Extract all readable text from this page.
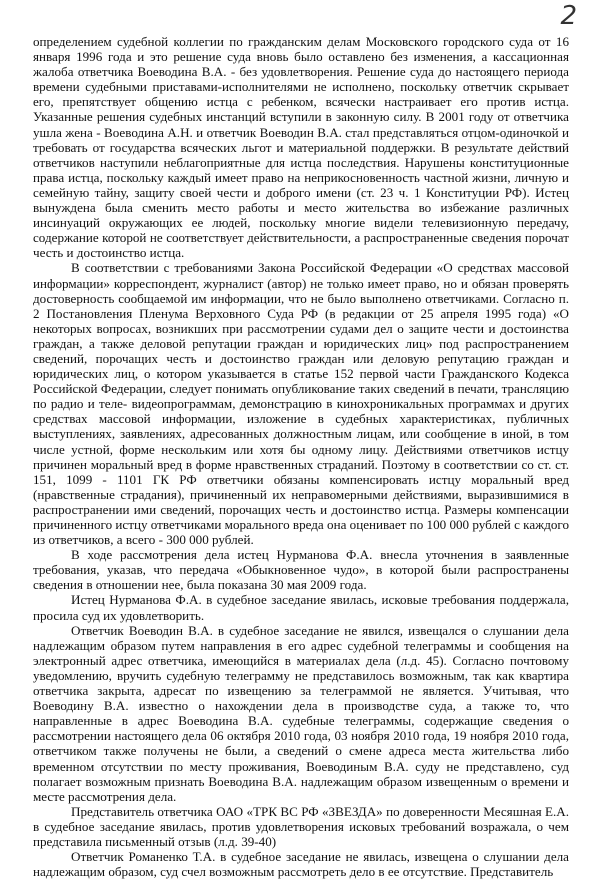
2

определением судебной коллегии по гражданским делам Московского городского суда от 16 января 1996 года и это решение суда вновь было оставлено без изменения, а кассационная жалоба ответчика Воеводина В.А. - без удовлетворения. Решение суда до настоящего периода времени судебными приставами-исполнителями не исполнено, поскольку ответчик скрывает его, препятствует общению истца с ребенком, всячески настраивает его против истца. Указанные решения судебных инстанций вступили в законную силу. В 2001 году от ответчика ушла жена - Воеводина А.Н. и ответчик Воеводин В.А. стал представляться отцом-одиночкой и требовать от государства всяческих льгот и материальной поддержки. В результате действий ответчиков наступили неблагоприятные для истца последствия. Нарушены конституционные права истца, поскольку каждый имеет право на неприкосновенность частной жизни, личную и семейную тайну, защиту своей чести и доброго имени (ст. 23 ч. 1 Конституции РФ). Истец вынуждена была сменить место работы и место жительства во избежание различных инсинуаций окружающих ее людей, поскольку многие видели телевизионную передачу, содержание которой не соответствует действительности, а распространенные сведения порочат честь и достоинство истца.

В соответствии с требованиями Закона Российской Федерации «О средствах массовой информации» корреспондент, журналист (автор) не только имеет право, но и обязан проверять достоверность сообщаемой им информации, что не было выполнено ответчиками. Согласно п. 2 Постановления Пленума Верховного Суда РФ (в редакции от 25 апреля 1995 года) «О некоторых вопросах, возникших при рассмотрении судами дел о защите чести и достоинства граждан, а также деловой репутации граждан и юридических лиц» под распространением сведений, порочащих честь и достоинство граждан или деловую репутацию граждан и юридических лиц, о котором указывается в статье 152 первой части Гражданского Кодекса Российской Федерации, следует понимать опубликование таких сведений в печати, трансляцию по радио и теле- видеопрограммам, демонстрацию в кинохроникальных программах и других средствах массовой информации, изложение в судебных характеристиках, публичных выступлениях, заявлениях, адресованных должностным лицам, или сообщение в иной, в том числе устной, форме нескольким или хотя бы одному лицу. Действиями ответчиков истцу причинен моральный вред в форме нравственных страданий. Поэтому в соответствии со ст. ст. 151, 1099 - 1101 ГК РФ ответчики обязаны компенсировать истцу моральный вред (нравственные страдания), причиненный их неправомерными действиями, выразившимися в распространении ими сведений, порочащих честь и достоинство истца. Размеры компенсации причиненного истцу ответчиками морального вреда она оценивает по 100 000 рублей с каждого из ответчиков, а всего - 300 000 рублей.

В ходе рассмотрения дела истец Нурманова Ф.А. внесла уточнения в заявленные требования, указав, что передача «Обыкновенное чудо», в которой были распространены сведения в отношении нее, была показана 30 мая 2009 года.

Истец Нурманова Ф.А. в судебное заседание явилась, исковые требования поддержала, просила суд их удовлетворить.

Ответчик Воеводин В.А. в судебное заседание не явился, извещался о слушании дела надлежащим образом путем направления в его адрес судебной телеграммы и сообщения на электронный адрес ответчика, имеющийся в материалах дела (л.д. 45). Согласно почтовому уведомлению, вручить судебную телеграмму не представилось возможным, так как квартира ответчика закрыта, адресат по извещению за телеграммой не является. Учитывая, что Воеводину В.А. известно о нахождении дела в производстве суда, а также то, что направленные в адрес Воеводина В.А. судебные телеграммы, содержащие сведения о рассмотрении настоящего дела 06 октября 2010 года, 03 ноября 2010 года, 19 ноября 2010 года, ответчиком также получены не были, а сведений о смене адреса места жительства либо временном отсутствии по месту проживания, Воеводиным В.А. суду не представлено, суд полагает возможным признать Воеводина В.А. надлежащим образом извещенным о времени и месте рассмотрения дела.

Представитель ответчика ОАО «ТРК ВС РФ «ЗВЕЗДА» по доверенности Месяшная Е.А. в судебное заседание явилась, против удовлетворения исковых требований возражала, о чем представила письменный отзыв (л.д. 39-40)

Ответчик Романенко Т.А. в судебное заседание не явилась, извещена о слушании дела надлежащим образом, суд счел возможным рассмотреть дело в ее отсутствие. Представитель
